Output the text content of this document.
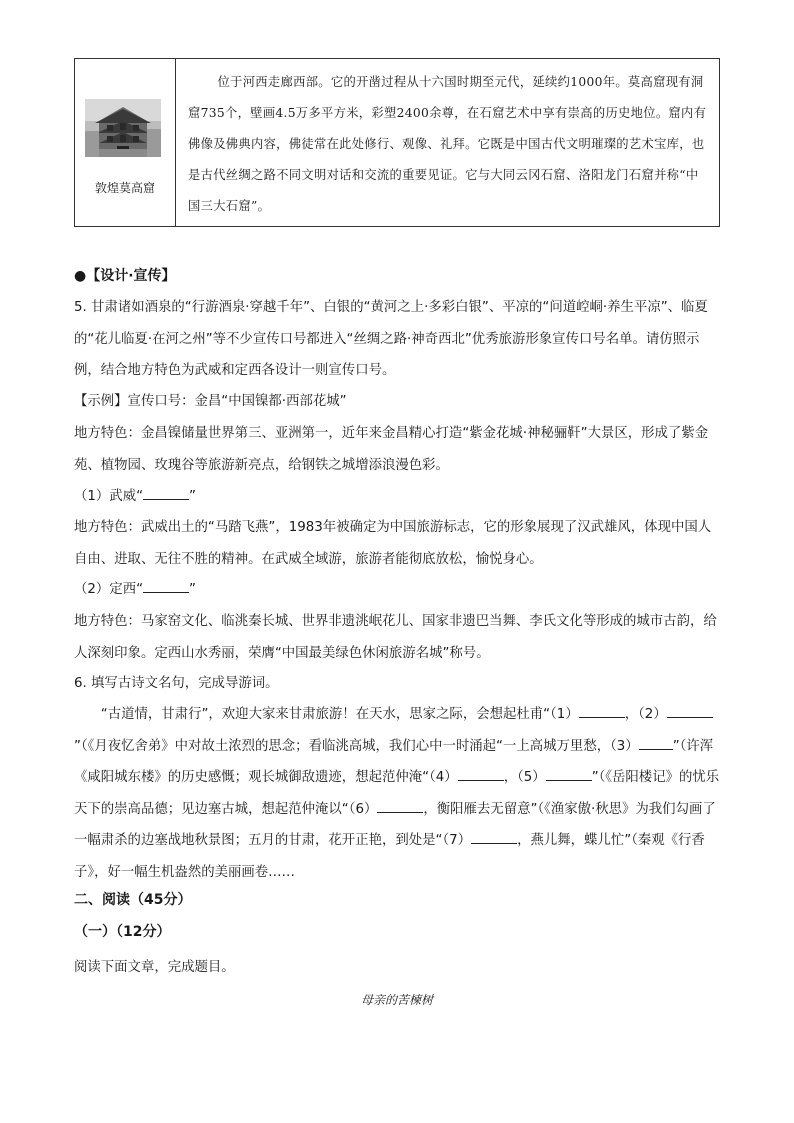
敦煌莫高窟

位于河西走廊西部。它的开凿过程从十六国时期至元代，延续约1000年。莫高窟现有洞窟735个，壁画4.5万多平方米，彩塑2400余尊，在石窟艺术中享有崇高的历史地位。窟内有佛像及佛典内容，佛徒常在此处修行、观像、礼拜。它既是中国古代文明璀璨的艺术宝库，也是古代丝绸之路不同文明对话和交流的重要见证。它与大同云冈石窟、洛阳龙门石窟并称“中国三大石窟”。

●【设计·宣传】

5. 甘肃诸如酒泉的“行游酒泉·穿越千年”、白银的“黄河之上·多彩白银”、平凉的“问道崆峒·养生平凉”、临夏的“花儿临夏·在河之州”等不少宣传口号都进入“丝绸之路·神奇西北”优秀旅游形象宣传口号名单。请仿照示例，结合地方特色为武威和定西各设计一则宣传口号。

【示例】宣传口号：金昌“中国镍都·西部花城”

地方特色：金昌镍储量世界第三、亚洲第一，近年来金昌精心打造“紫金花城·神秘骊靬”大景区，形成了紫金苑、植物园、玫瑰谷等旅游新亮点，给钢铁之城增添浪漫色彩。

（1）武威“	”

地方特色：武威出土的“马踏飞燕”，1983年被确定为中国旅游标志，它的形象展现了汉武雄风，体现中国人自由、进取、无往不胜的精神。在武威全域游，旅游者能彻底放松，愉悦身心。

（2）定西“	”

地方特色：马家窑文化、临洮秦长城、世界非遗洮岷花儿、国家非遗巴当舞、李氏文化等形成的城市古韵，给人深刻印象。定西山水秀丽，荣膺“中国最美绿色休闲旅游名城”称号。

6. 填写古诗文名句，完成导游词。

“古道情，甘肃行”，欢迎大家来甘肃旅游！在天水，思家之际，会想起杜甫“（1）	，（2）”（《月夜忆舍弟》中对故土浓烈的思念；看临洮高城，我们心中一时涌起“一上高城万里愁，（3）	”（许浑《咸阳城东楼》的历史感慨；观长城御敌遗迹，想起范仲淹“（4）	，（5）	”（《岳阳楼记》的忧乐天下的崇高品德；见边塞古城，想起范仲淹以“（6）	，衡阳雁去无留意”（《渔家傲·秋思》为我们勾画了一幅肃杀的边塞战地秋景图；五月的甘肃，花开正艳，到处是“（7）	，燕儿舞，蝶儿忙”（秦观《行香子》，好一幅生机盎然的美丽画卷……

二、阅读（45分）

（一）（12分）

阅读下面文章，完成题目。

母亲的苦楝树
